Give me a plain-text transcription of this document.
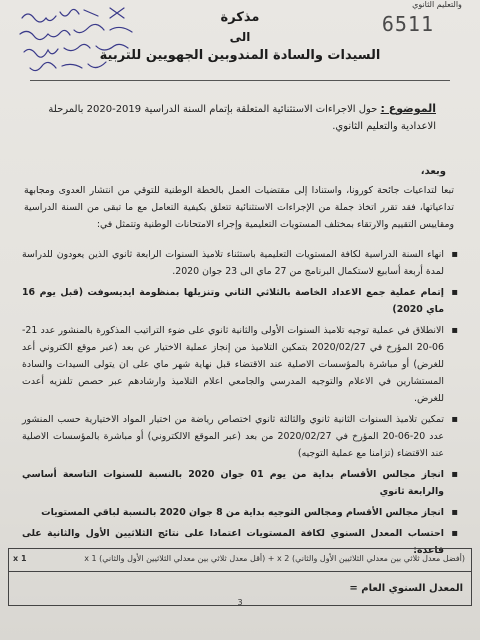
والتعليم الثانوي
6511
مذكرة
الى
السيدات والسادة المندوبين الجهويين للتربية
الموضوع : حول الاجراءات الاستثنائية المتعلقة بإتمام السنة الدراسية 2019-2020 بالمرحلة الاعدادية والتعليم الثانوي.
وبعد،
تبعا لتداعيات جائحة كورونا، واستنادا إلى مقتضيات العمل بالخطة الوطنية للتوقي من انتشار العدوى ومجابهة تداعياتها، فقد تقرر اتخاذ جملة من الإجراءات الاستثنائية تتعلق بكيفية التعامل مع ما تبقى من السنة الدراسية ومقاييس التقييم والارتقاء بمختلف المستويات التعليمية وإجراء الامتحانات الوطنية وتتمثل في:
▪ انهاء السنة الدراسية لكافة المستويات التعليمية باستثناء تلاميذ السنوات الرابعة ثانوي الذين يعودون للدراسة لمدة أربعة أسابيع لاستكمال البرنامج من 27 ماي الى 23 جوان 2020.
▪ إتمام عملية جمع الاعداد الخاصة بالثلاثي الثاني وتنزيلها بمنظومة ايديسوفت (قبل يوم 16 ماي 2020)
▪ الانطلاق في عملية توجيه تلاميذ السنوات الأولى والثانية ثانوي على ضوء التراتيب المذكورة بالمنشور عدد 21-06-20 المؤرخ في 2020/02/27 بتمكين التلاميذ من إنجاز عملية الاختيار عن بعد (عبر موقع الكتروني أعد للغرض) أو مباشرة بالمؤسسات الاصلية عند الاقتضاء قبل نهاية شهر ماي على ان يتولى السيدات والسادة المستشارين في الاعلام والتوجيه المدرسي والجامعي اعلام التلاميذ وارشادهم عبر حصص تلفزيه أعدت للغرض.
▪ تمكين تلاميذ السنوات الثانية ثانوي والثالثة ثانوي اختصاص رياضة من اختيار المواد الاختيارية حسب المنشور عدد 20-06-20 المؤرخ في 2020/02/27 من بعد (عبر الموقع الالكتروني) أو مباشرة بالمؤسسات الاصلية عند الاقتضاء (تزامنا مع عملية التوجيه)
▪ انجاز مجالس الأقسام بداية من يوم 01 جوان 2020 بالنسبة للسنوات التاسعة أساسي والرابعة ثانوي
▪ انجاز مجالس الأقسام ومجالس التوجيه بداية من 8 جوان 2020 بالنسبة لباقي المستويات
▪ احتساب المعدل السنوي لكافة المستويات اعتمادا على نتائج الثلاثيين الأول والثانية على قاعدة:
(أفضل معدل ثلاثي بين معدلي الثلاثيين الأول والثاني) x 2 + (أقل معدل ثلاثي بين معدلي الثلاثيين الأول والثاني) x 1
x 1
المعدل السنوي العام =
3
